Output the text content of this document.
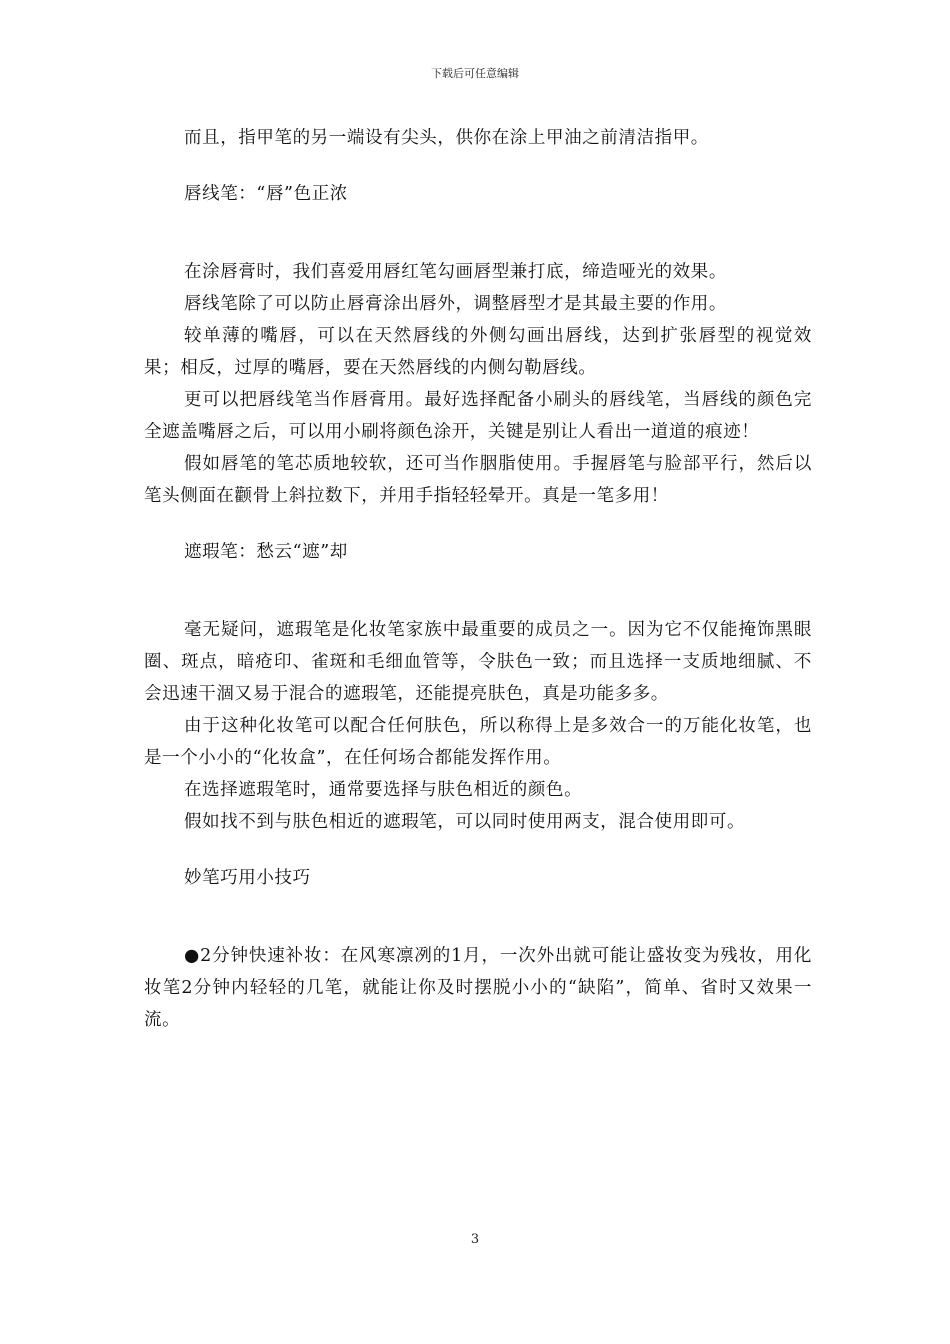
下载后可任意编辑

而且，指甲笔的另一端设有尖头，供你在涂上甲油之前清洁指甲。

唇线笔：“唇”色正浓

在涂唇膏时，我们喜爱用唇红笔勾画唇型兼打底，缔造哑光的效果。

唇线笔除了可以防止唇膏涂出唇外，调整唇型才是其最主要的作用。

较单薄的嘴唇，可以在天然唇线的外侧勾画出唇线，达到扩张唇型的视觉效果；相反，过厚的嘴唇，要在天然唇线的内侧勾勒唇线。

更可以把唇线笔当作唇膏用。最好选择配备小刷头的唇线笔，当唇线的颜色完全遮盖嘴唇之后，可以用小刷将颜色涂开，关键是别让人看出一道道的痕迹！

假如唇笔的笔芯质地较软，还可当作胭脂使用。手握唇笔与脸部平行，然后以笔头侧面在颧骨上斜拉数下，并用手指轻轻晕开。真是一笔多用！

遮瑕笔：愁云“遮”却

毫无疑问，遮瑕笔是化妆笔家族中最重要的成员之一。因为它不仅能掩饰黑眼圈、斑点，暗疮印、雀斑和毛细血管等，令肤色一致；而且选择一支质地细腻、不会迅速干涸又易于混合的遮瑕笔，还能提亮肤色，真是功能多多。

由于这种化妆笔可以配合任何肤色，所以称得上是多效合一的万能化妆笔，也是一个小小的“化妆盒”，在任何场合都能发挥作用。

在选择遮瑕笔时，通常要选择与肤色相近的颜色。

假如找不到与肤色相近的遮瑕笔，可以同时使用两支，混合使用即可。

妙笔巧用小技巧

●2分钟快速补妆：在风寒凛冽的1月，一次外出就可能让盛妆变为残妆，用化妆笔2分钟内轻轻的几笔，就能让你及时摆脱小小的“缺陷”，简单、省时又效果一流。

3
